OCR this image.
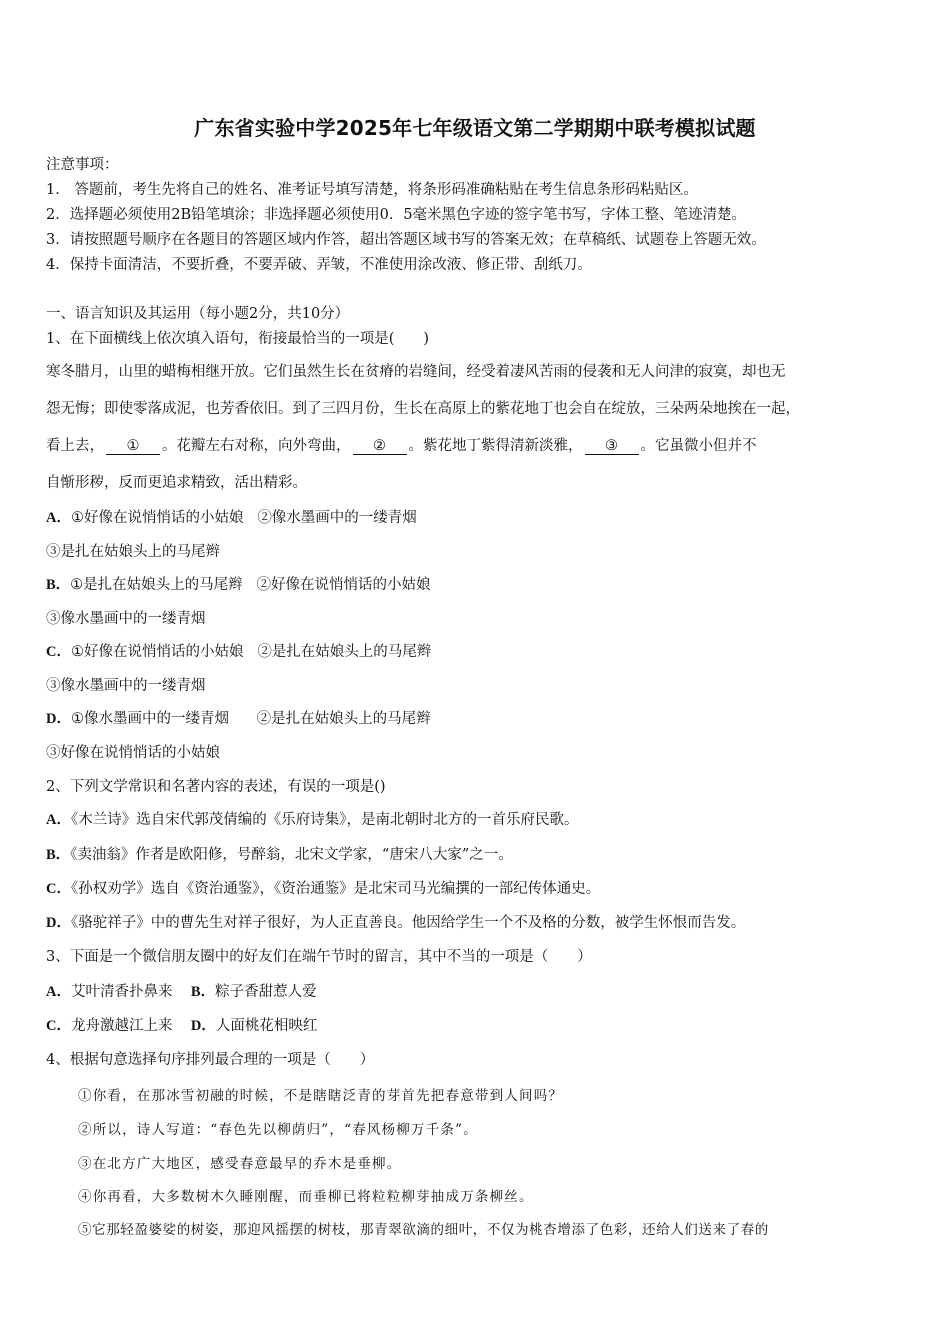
广东省实验中学2025年七年级语文第二学期期中联考模拟试题
注意事项：
1． 答题前，考生先将自己的姓名、准考证号填写清楚，将条形码准确粘贴在考生信息条形码粘贴区。
2．选择题必须使用2B铅笔填涂；非选择题必须使用0．5毫米黑色字迹的签字笔书写，字体工整、笔迹清楚。
3．请按照题号顺序在各题目的答题区域内作答，超出答题区域书写的答案无效；在草稿纸、试题卷上答题无效。
4．保持卡面清洁，不要折叠，不要弄破、弄皱，不准使用涂改液、修正带、刮纸刀。
一、语言知识及其运用（每小题2分，共10分）
1、在下面横线上依次填入语句，衔接最恰当的一项是(　　)
寒冬腊月，山里的蜡梅相继开放。它们虽然生长在贫瘠的岩缝间，经受着凄风苦雨的侵袭和无人问津的寂寞，却也无
怨无悔；即使零落成泥，也芳香依旧。到了三四月份，生长在高原上的紫花地丁也会自在绽放，三朵两朵地挨在一起，
看上去， ① 。花瓣左右对称，向外弯曲， ② 。紫花地丁紫得清新淡雅， ③ 。它虽微小但并不
自惭形秽，反而更追求精致，活出精彩。
A．①好像在说悄悄话的小姑娘 ②像水墨画中的一缕青烟
③是扎在姑娘头上的马尾辫
B．①是扎在姑娘头上的马尾辫 ②好像在说悄悄话的小姑娘
③像水墨画中的一缕青烟
C．①好像在说悄悄话的小姑娘 ②是扎在姑娘头上的马尾辫
③像水墨画中的一缕青烟
D．①像水墨画中的一缕青烟 ②是扎在姑娘头上的马尾辫
③好像在说悄悄话的小姑娘
2、下列文学常识和名著内容的表述，有误的一项是()
A．《木兰诗》选自宋代郭茂倩编的《乐府诗集》，是南北朝时北方的一首乐府民歌。
B．《卖油翁》作者是欧阳修，号醉翁，北宋文学家，“唐宋八大家”之一。
C．《孙权劝学》选自《资治通鉴》，《资治通鉴》是北宋司马光编撰的一部纪传体通史。
D．《骆驼祥子》中的曹先生对祥子很好，为人正直善良。他因给学生一个不及格的分数，被学生怀恨而告发。
3、下面是一个微信朋友圈中的好友们在端午节时的留言，其中不当的一项是（　　）
A．艾叶清香扑鼻来 B．粽子香甜惹人爱
C．龙舟激越江上来 D．人面桃花相映红
4、根据句意选择句序排列最合理的一项是（　　）
①你看，在那冰雪初融的时候，不是瞎瞎泛青的芽首先把春意带到人间吗？
②所以，诗人写道：“春色先以柳荫归”，“春风杨柳万千条”。
③在北方广大地区，感受春意最早的乔木是垂柳。
④你再看，大多数树木久睡刚醒，而垂柳已将粒粒柳芽抽成万条柳丝。
⑤它那轻盈婆娑的树姿，那迎风摇摆的树枝，那青翠欲滴的细叶，不仅为桃杏增添了色彩，还给人们送来了春的
